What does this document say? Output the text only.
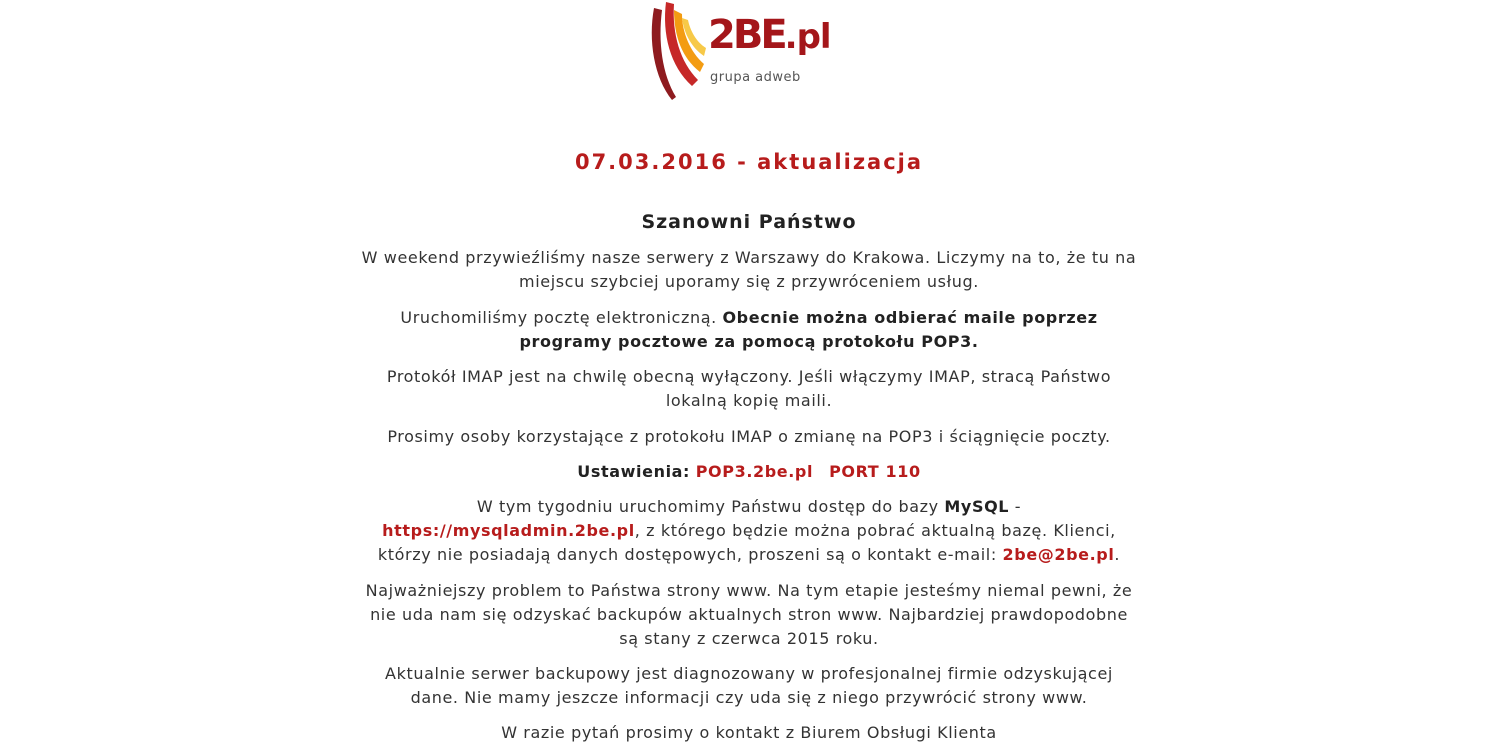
2BE.pl
grupa adweb
07.03.2016 - aktualizacja
Szanowni Państwo

W weekend przywieźliśmy nasze serwery z Warszawy do Krakowa. Liczymy na to, że tu na miejscu szybciej uporamy się z przywróceniem usług.

Uruchomiliśmy pocztę elektroniczną. Obecnie można odbierać maile poprzez programy pocztowe za pomocą protokołu POP3.

Protokół IMAP jest na chwilę obecną wyłączony. Jeśli włączymy IMAP, stracą Państwo lokalną kopię maili.

Prosimy osoby korzystające z protokołu IMAP o zmianę na POP3 i ściągnięcie poczty.

Ustawienia: POP3.2be.pl PORT 110

W tym tygodniu uruchomimy Państwu dostęp do bazy MySQL -https://mysqladmin.2be.pl, z którego będzie można pobrać aktualną bazę. Klienci, którzy nie posiadają danych dostępowych, proszeni są o kontakt e-mail: 2be@2be.pl.

Najważniejszy problem to Państwa strony www. Na tym etapie jesteśmy niemal pewni, że nie uda nam się odzyskać backupów aktualnych stron www. Najbardziej prawdopodobne są stany z czerwca 2015 roku.

Aktualnie serwer backupowy jest diagnozowany w profesjonalnej firmie odzyskującej dane. Nie mamy jeszcze informacji czy uda się z niego przywrócić strony www.

W razie pytań prosimy o kontakt z Biurem Obsługi Klienta
